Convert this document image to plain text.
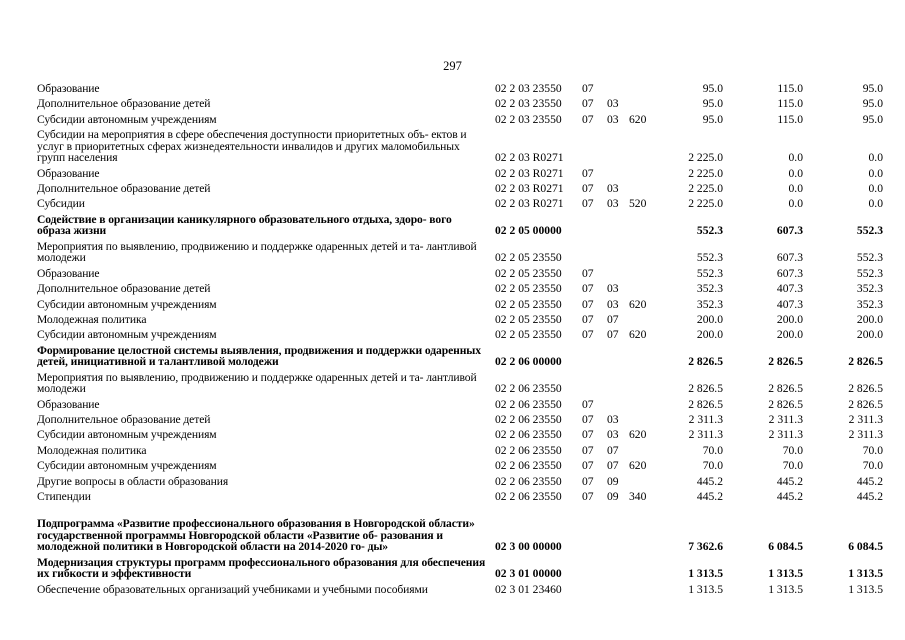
297
Образование	02 2 03 23550 07	95.0	115.0	95.0
Дополнительное образование детей	02 2 03 23550 07 03	95.0	115.0	95.0
Субсидии автономным учреждениям	02 2 03 23550 07 03 620	95.0	115.0	95.0
Субсидии на мероприятия в сфере обеспечения доступности приоритетных объ- ектов и услуг в приоритетных сферах жизнедеятельности инвалидов и других маломобильных групп населения	02 2 03 R0271	2 225.0	0.0	0.0
Образование	02 2 03 R0271 07	2 225.0	0.0	0.0
Дополнительное образование детей	02 2 03 R0271 07 03	2 225.0	0.0	0.0
Субсидии	02 2 03 R0271 07 03 520	2 225.0	0.0	0.0
Содействие в организации каникулярного образовательного отдыха, здоро- вого образа жизни	02 2 05 00000	552.3	607.3	552.3
Мероприятия по выявлению, продвижению и поддержке одаренных детей и та- лантливой молодежи	02 2 05 23550	552.3	607.3	552.3
Образование	02 2 05 23550 07	552.3	607.3	552.3
Дополнительное образование детей	02 2 05 23550 07 03	352.3	407.3	352.3
Субсидии автономным учреждениям	02 2 05 23550 07 03 620	352.3	407.3	352.3
Молодежная политика	02 2 05 23550 07 07	200.0	200.0	200.0
Субсидии автономным учреждениям	02 2 05 23550 07 07 620	200.0	200.0	200.0
Формирование целостной системы выявления, продвижения и поддержки одаренных детей, инициативной и талантливой молодежи	02 2 06 00000	2 826.5	2 826.5	2 826.5
Мероприятия по выявлению, продвижению и поддержке одаренных детей и та- лантливой молодежи	02 2 06 23550	2 826.5	2 826.5	2 826.5
Образование	02 2 06 23550 07	2 826.5	2 826.5	2 826.5
Дополнительное образование детей	02 2 06 23550 07 03	2 311.3	2 311.3	2 311.3
Субсидии автономным учреждениям	02 2 06 23550 07 03 620	2 311.3	2 311.3	2 311.3
Молодежная политика	02 2 06 23550 07 07	70.0	70.0	70.0
Субсидии автономным учреждениям	02 2 06 23550 07 07 620	70.0	70.0	70.0
Другие вопросы в области образования	02 2 06 23550 07 09	445.2	445.2	445.2
Стипендии	02 2 06 23550 07 09 340	445.2	445.2	445.2
Подпрограмма «Развитие профессионального образования в Новгородской области» государственной программы Новгородской области «Развитие об- разования и молодежной политики в Новгородской области на 2014-2020 го- ды»	02 3 00 00000	7 362.6	6 084.5	6 084.5
Модернизация структуры программ профессионального образования для обеспечения их гибкости и эффективности	02 3 01 00000	1 313.5	1 313.5	1 313.5
Обеспечение образовательных организаций учебниками и учебными пособиями	02 3 01 23460	1 313.5	1 313.5	1 313.5
